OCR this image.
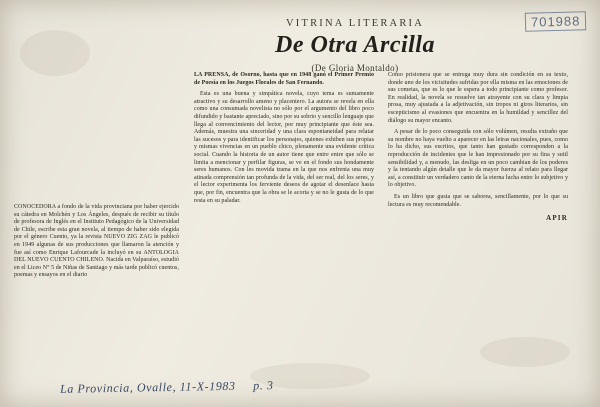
701988
VITRINA LITERARIA
De Otra Arcilla
(De Gloria Montaldo)

CONOCEDORA a fondo de la vida provinciana por haber ejercido su cátedra en Molchén y Los Ángeles, después de recibir su título de profesora de Inglés en el Instituto Pedagógico de la Universidad de Chile, escribe esta gran novela, al tiempo de haber sido elegida por el género Cuento, ya la revista NUEVO ZIG ZAG le publicó en 1949 algunas de sus producciones que llamaron la atención y fue así como Enrique Lafourcade la incluyó en su ANTOLOGIA DEL NUEVO CUENTO CHILENO. Nacida en Valparaíso, estudió en el Liceo N° 5 de Niñas de Santiago y más tarde publicó cuentos, poemas y ensayos en el diario

LA PRENSA, de Osorno, hasta que en 1948 ganó el Primer Premio de Poesía en los Juegos Florales de San Fernando.

Esta es una buena y simpática novela, cuyo tema es sumamente atractivo y su desarrollo ameno y placentero. La autora se revela en ella como una consumada novelista no sólo por el argumento del libro poco difundido y bastante apreciado, sino por su sobrio y sencillo lenguaje que llega al convencimiento del lector, por muy principiante que éste sea. Además, muestra una sinceridad y una clara espontaneidad para relatar las sucesos y para identificar los personajes, quienes exhiben sus propias y mismas vivencias en un pueblo chico, plenamente una evidente crítica social. Cuando la historia de un autor tiene que entre entre que sólo se limita a mencionar y perfilar figuras, se ve en el fondo sus hondamente seres humanos. Con les movida trama en la que nos enfrenta una muy atinada comprensión tan profunda de la vida, del ser real, del los seres, y el lector experimenta los ferviente deseos de agotar el desenlace hasta que, por fin, encuentra que la obra se le acorta y se no le gusta de lo que resta en su paladar.

Como prisionera que se entrega muy dura sin condición en su texto, donde uno de los vicisitudes sufridas por ella misma en las emociones de sus cometas, que es lo que le espera a todo principiante como profesor. En realidad, la novela se resuelve tan atrayente con su clara y limpia prosa, muy ajustada a la adjetivación, sin tropos ni giros literarios, sin escepticismo al evasiones que encuentra en la humildad y sencillez del diálogo su mayor encanto.

A pesar de lo poco conseguida con sólo volúmen, resulta extraño que su nombre no haya vuelto a aparecer en las letras nacionales, pues, como lo ha dicho, sus escritos, que tanto han gustado corresponden a la reproducción de incidentes que le han impresionado por su fina y sutil sensibilidad y, a menudo, las desliga en un poco cambian de los poderes y la tentando algún detalle que le da mayor fuerza al relato para llegar así, a constituir un verdadero canto de la eterna lucha entre lo subjetivo y lo objetivo.

Es un libro que gusta que se saborea, sencillamente, por lo que su lectura es muy recomendable.

APIR
La Provincia, Ovalle, 11-X-1983 p. 3
